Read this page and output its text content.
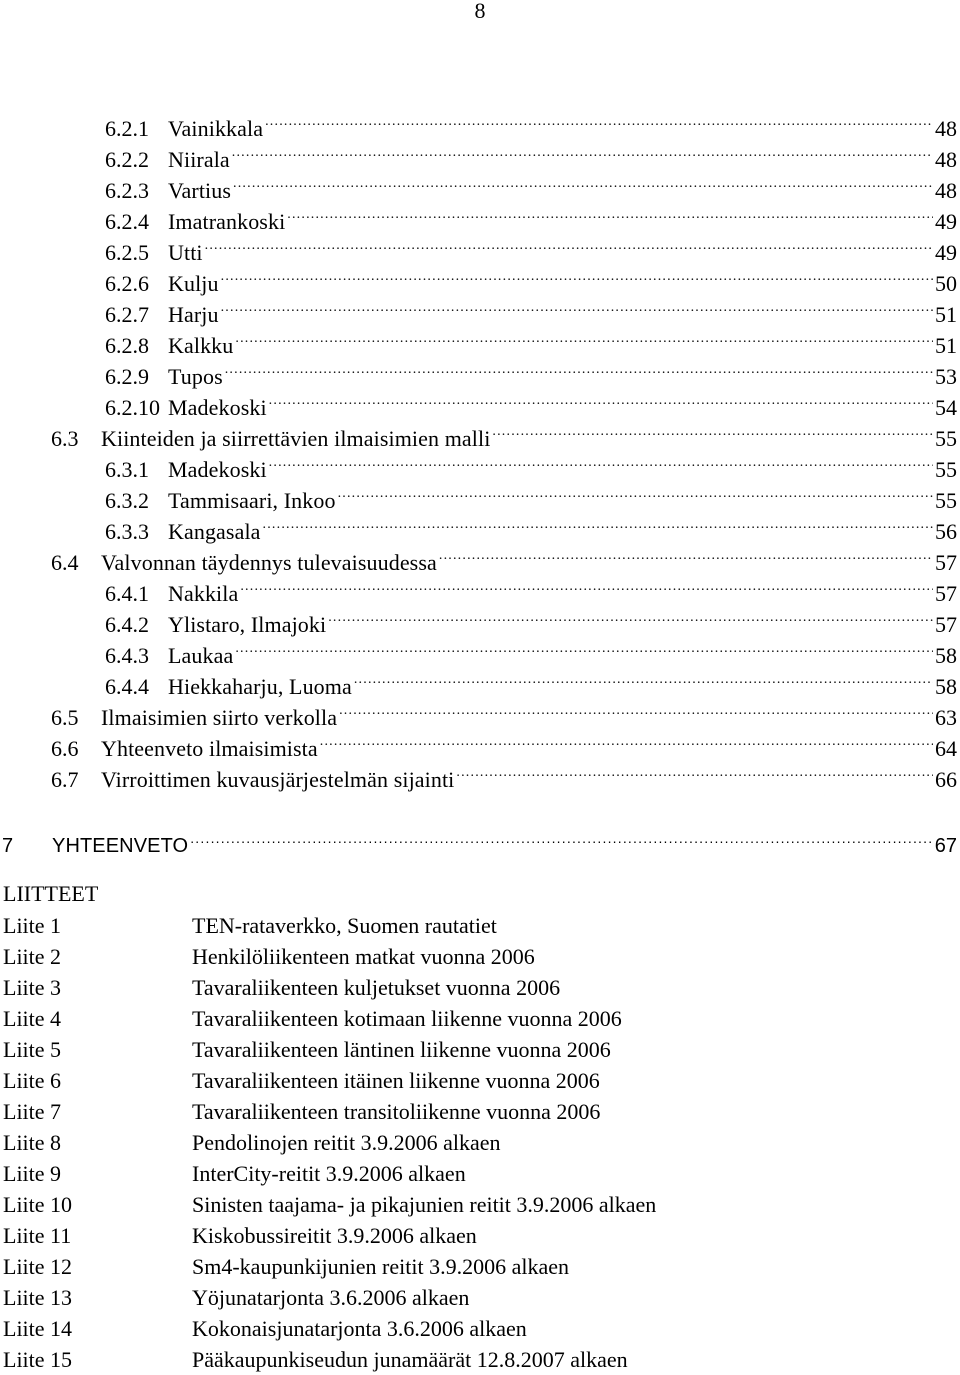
8
6.2.1 Vainikkala .....	48
6.2.2 Niirala .....	48
6.2.3 Vartius .....	48
6.2.4 Imatrankoski .....	49
6.2.5 Utti .....	49
6.2.6 Kulju .....	50
6.2.7 Harju .....	51
6.2.8 Kalkku .....	51
6.2.9 Tupos .....	53
6.2.10 Madekoski .....	54
6.3	Kiinteiden ja siirrettävien ilmaisimien malli .....	55
6.3.1 Madekoski .....	55
6.3.2 Tammisaari, Inkoo .....	55
6.3.3 Kangasala .....	56
6.4	Valvonnan täydennys tulevaisuudessa .....	57
6.4.1 Nakkila .....	57
6.4.2 Ylistaro, Ilmajoki .....	57
6.4.3 Laukaa .....	58
6.4.4 Hiekkaharju, Luoma .....	58
6.5	Ilmaisimien siirto verkolla .....	63
6.6	Yhteenveto ilmaisimista .....	64
6.7	Virroittimen kuvausjärjestelmän sijainti .....	66
7	YHTEENVETO .....	67
LIITTEET
Liite 1	TEN-rataverkko, Suomen rautatiet
Liite 2	Henkilöliikenteen matkat vuonna 2006
Liite 3	Tavaraliikenteen kuljetukset vuonna 2006
Liite 4	Tavaraliikenteen kotimaan liikenne vuonna 2006
Liite 5	Tavaraliikenteen läntinen liikenne vuonna 2006
Liite 6	Tavaraliikenteen itäinen liikenne vuonna 2006
Liite 7	Tavaraliikenteen transitoliikenne vuonna 2006
Liite 8	Pendolinojen reitit 3.9.2006 alkaen
Liite 9	InterCity-reitit 3.9.2006 alkaen
Liite 10	Sinisten taajama- ja pikajunien reitit 3.9.2006 alkaen
Liite 11	Kiskobussireitit 3.9.2006 alkaen
Liite 12	Sm4-kaupunkijunien reitit 3.9.2006 alkaen
Liite 13	Yöjunatarjonta 3.6.2006 alkaen
Liite 14	Kokonaisjunatarjonta 3.6.2006 alkaen
Liite 15	Pääkaupunkiseudun junamäärät 12.8.2007 alkaen
